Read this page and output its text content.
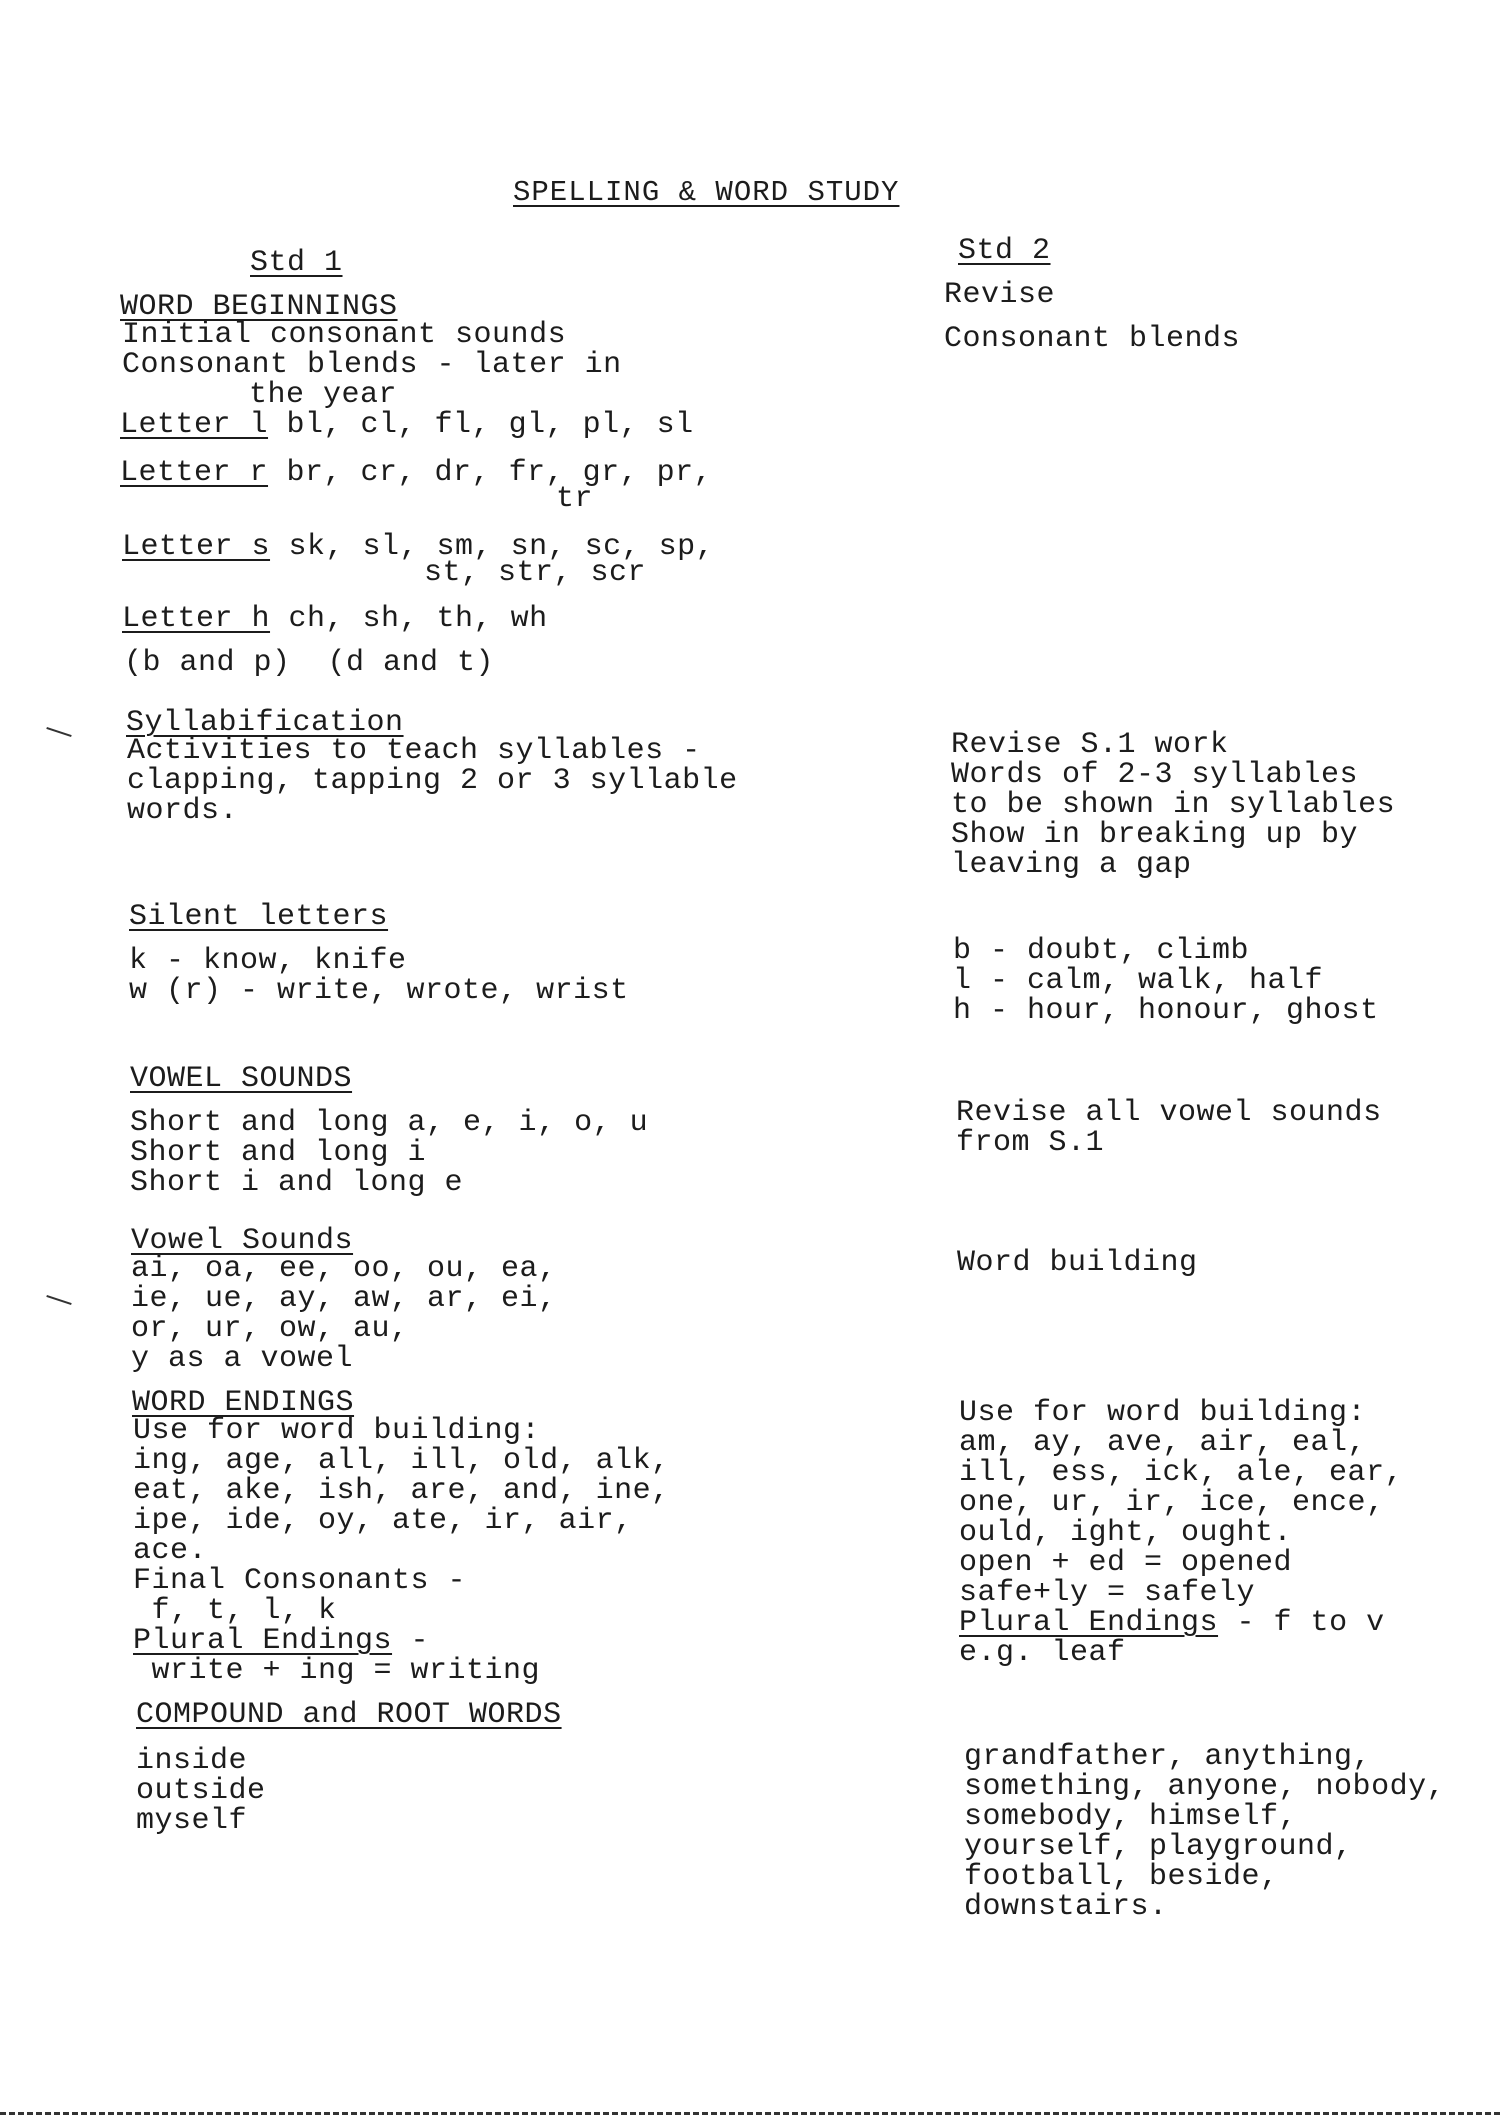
SPELLING & WORD STUDY
Std 1	Std 2
WORD BEGINNINGS
Initial consonant sounds
Consonant blends - later in
the year
Letter l bl, cl, fl, gl, pl, sl
Letter r br, cr, dr, fr, gr, pr,
tr
Letter s sk, sl, sm, sn, sc, sp,
st, str, scr
Letter h ch, sh, th, wh
(b and p)  (d and t)
Syllabification
Activities to teach syllables -
clapping, tapping 2 or 3 syllable
words.
Silent letters
k - know, knife
w (r) - write, wrote, wrist
VOWEL SOUNDS
Short and long a, e, i, o, u
Short and long i
Short i and long e
Vowel Sounds
ai, oa, ee, oo, ou, ea,
ie, ue, ay, aw, ar, ei,
or, ur, ow, au,
y as a vowel
WORD ENDINGS
Use for word building:
ing, age, all, ill, old, alk,
eat, ake, ish, are, and, ine,
ipe, ide, oy, ate, ir, air,
ace.
Final Consonants -
f, t, l, k
Plural Endings -
write + ing = writing
COMPOUND and ROOT WORDS
inside
outside
myself
Revise
Consonant blends
Revise S.1 work
Words of 2-3 syllables
to be shown in syllables
Show in breaking up by
leaving a gap
b - doubt, climb
l - calm, walk, half
h - hour, honour, ghost
Revise all vowel sounds
from S.1
Word building
Use for word building:
am, ay, ave, air, eal,
ill, ess, ick, ale, ear,
one, ur, ir, ice, ence,
ould, ight, ought.
open + ed = opened
safe+ly = safely
Plural Endings - f to v
e.g. leaf
grandfather, anything,
something, anyone, nobody,
somebody, himself,
yourself, playground,
football, beside,
downstairs.
